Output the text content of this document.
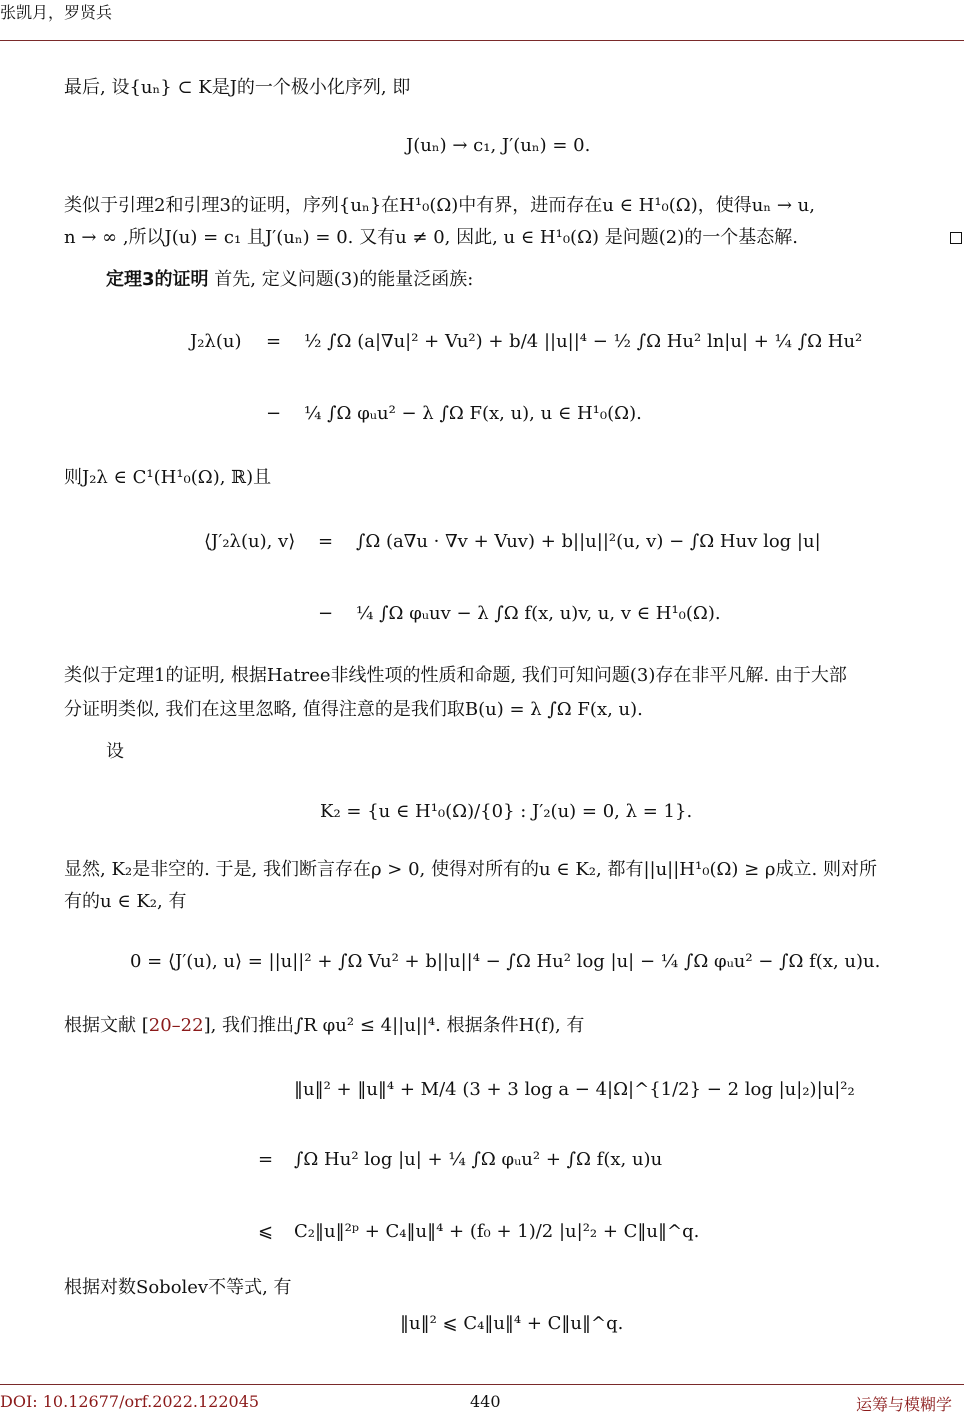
张凯月，罗贤兵
最后, 设{uₙ} ⊂ K是J的一个极小化序列, 即
J(uₙ) → c₁, J′(uₙ) = 0.
类似于引理2和引理3的证明，序列{uₙ}在H¹₀(Ω)中有界，进而存在u ∈ H¹₀(Ω)，使得uₙ → u,
n → ∞ ,所以J(u) = c₁ 且J′(uₙ) = 0. 又有u ≠ 0, 因此, u ∈ H¹₀(Ω) 是问题(2)的一个基态解.
定理3的证明 首先, 定义问题(3)的能量泛函族:
J₂λ(u) = ½ ∫Ω (a|∇u|² + Vu²) + b/4 ||u||⁴ − ½ ∫Ω Hu² ln|u| + ¼ ∫Ω Hu²
− ¼ ∫Ω φᵤu² − λ ∫Ω F(x, u), u ∈ H¹₀(Ω).
则J₂λ ∈ C¹(H¹₀(Ω), ℝ)且
⟨J′₂λ(u), v⟩ = ∫Ω (a∇u · ∇v + Vuv) + b||u||²(u, v) − ∫Ω Huv log |u|
− ¼ ∫Ω φᵤuv − λ ∫Ω f(x, u)v, u, v ∈ H¹₀(Ω).
类似于定理1的证明, 根据Hatree非线性项的性质和命题, 我们可知问题(3)存在非平凡解. 由于大部
分证明类似, 我们在这里忽略, 值得注意的是我们取B(u) = λ ∫Ω F(x, u).
设
K₂ = {u ∈ H¹₀(Ω)/{0} : J′₂(u) = 0, λ = 1}.
显然, K₂是非空的. 于是, 我们断言存在ρ > 0, 使得对所有的u ∈ K₂, 都有||u||H¹₀(Ω) ≥ ρ成立. 则对所
有的u ∈ K₂, 有
0 = ⟨J′(u), u⟩ = ||u||² + ∫Ω Vu² + b||u||⁴ − ∫Ω Hu² log |u| − ¼ ∫Ω φᵤu² − ∫Ω f(x, u)u.
根据文献 [20–22], 我们推出∫R φu² ≤ 4||u||⁴. 根据条件H(f), 有
‖u‖² + ‖u‖⁴ + M/4 (3 + 3 log a − 4|Ω|^{1/2} − 2 log |u|₂)|u|²₂
= ∫Ω Hu² log |u| + ¼ ∫Ω φᵤu² + ∫Ω f(x, u)u
⩽ C₂‖u‖²ᵖ + C₄‖u‖⁴ + (f₀ + 1)/2 |u|²₂ + C‖u‖^q.
根据对数Sobolev不等式, 有
‖u‖² ⩽ C₄‖u‖⁴ + C‖u‖^q.
DOI: 10.12677/orf.2022.122045	440	运筹与模糊学
